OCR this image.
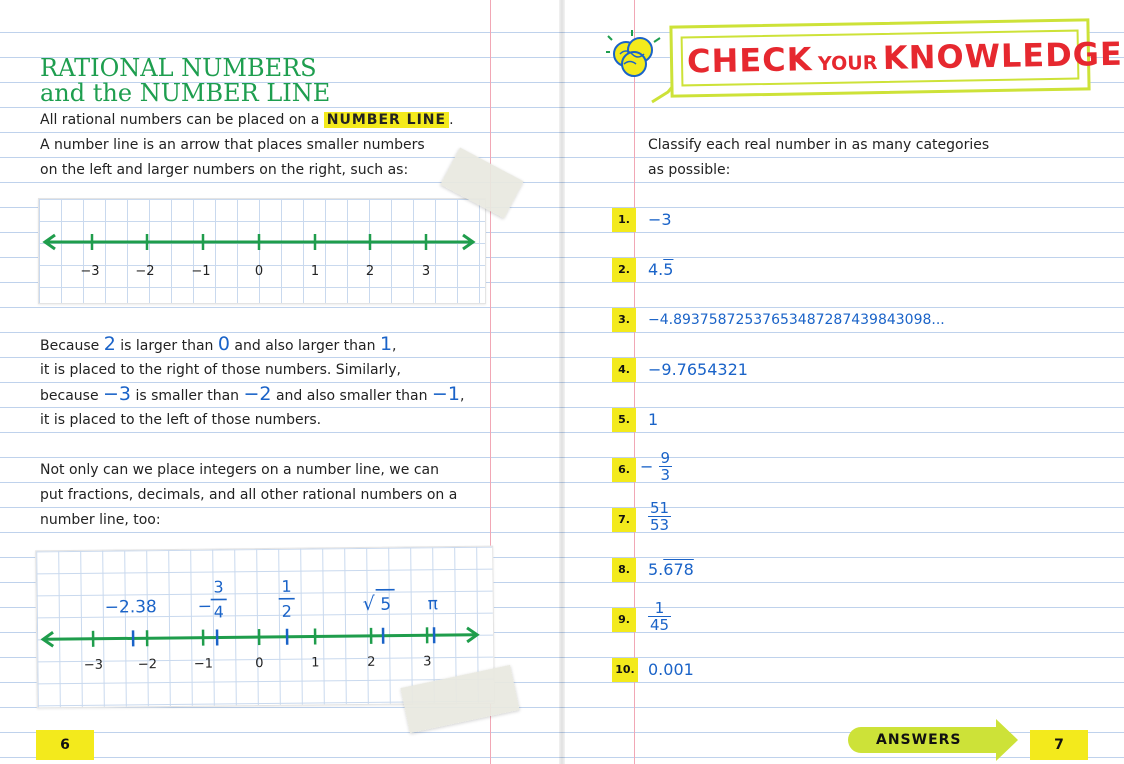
RATIONAL NUMBERS
and the NUMBER LINE
All rational numbers can be placed on a NUMBER LINE .
A number line is an arrow that places smaller numbers
on the left and larger numbers on the right, such as:
−3	−2	−1	0	1	2	3
Because 2 is larger than 0 and also larger than 1,
it is placed to the right of those numbers. Similarly,
because −3 is smaller than −2 and also smaller than −1,
it is placed to the left of those numbers.
Not only can we place integers on a number line, we can
put fractions, decimals, and all other rational numbers on a
number line, too:
−2.38 −
3
4
1
2	√ 5 π
−3	−2	−1	0	1	2	3
6
CHECK YOUR KNOWLEDGE
Classify each real number in as many categories
as possible:
1.	−3
2.	4.5
3.	−4.893758725376534872874398430​98...
4.	−9.7654321
5.	1
6. − $\frac{9}{3}$
7.	$\frac{51}{53}$
8.	5.678
9.	$\frac{1}{45}$
10. 0.001
ANSWERS	7
